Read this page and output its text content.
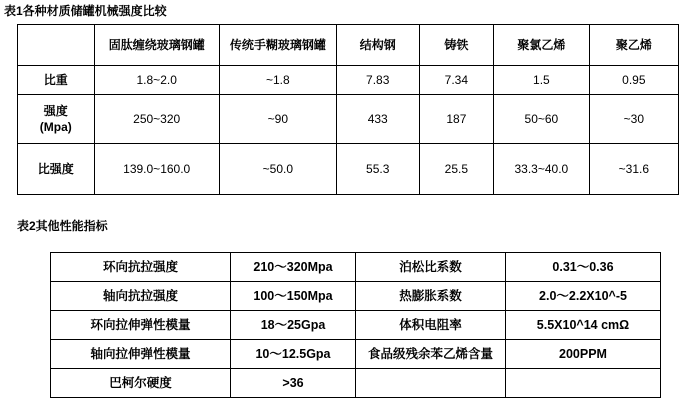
表1各种材质储罐机械强度比较
	固肽缠绕玻璃钢罐	传统手糊玻璃钢罐	结构钢	铸铁	聚氯乙烯	聚乙烯
比重	1.8~2.0	~1.8	7.83	7.34	1.5	0.95

强度
(Mpa)	250~320	~90	433	187	50~60	~30
比强度	139.0~160.0	~50.0	55.3	25.5	33.3~40.0	~31.6
表2其他性能指标
环向抗拉强度	210～320Mpa	泊松比系数	0.31～0.36
轴向抗拉强度	100～150Mpa	热膨胀系数	2.0～2.2X10^-5
环向拉伸弹性模量	18～25Gpa	体积电阻率	5.5X10^14 cmΩ
轴向拉伸弹性模量	10～12.5Gpa	食品级残余苯乙烯含量	200PPM
巴柯尔硬度	>36		
